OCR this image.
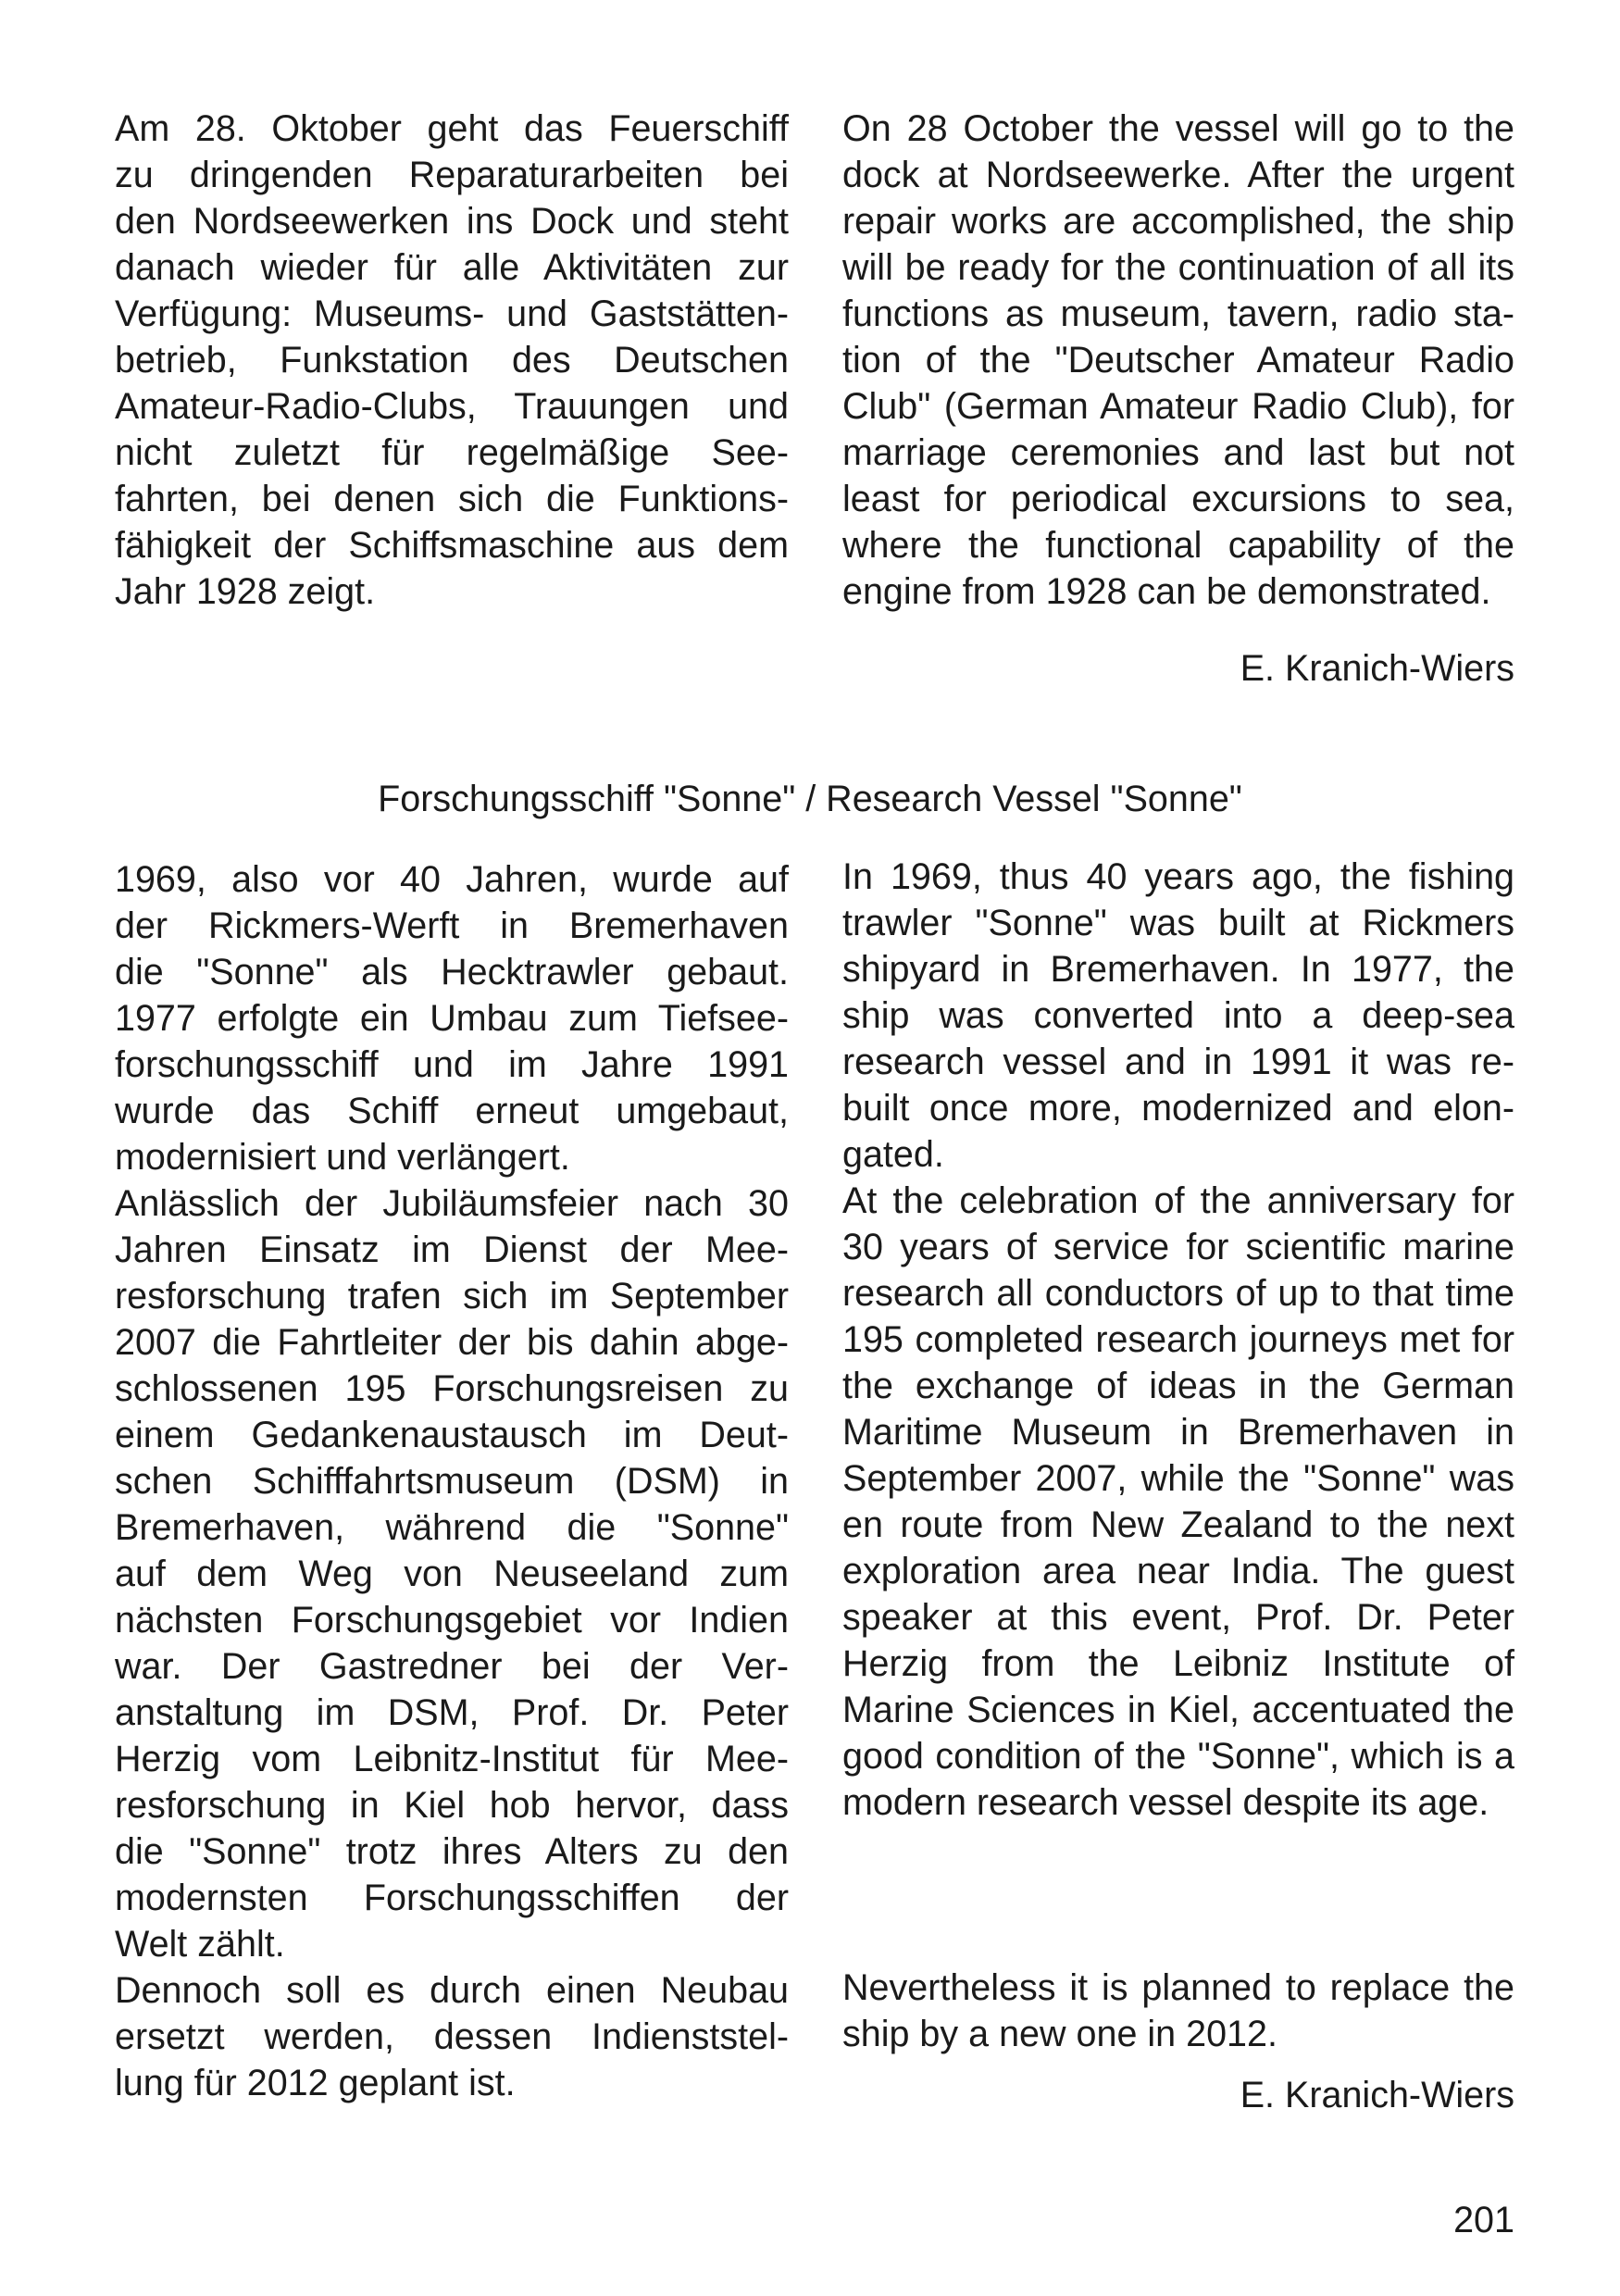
Am 28. Oktober geht das Feuerschiff

zu dringenden Reparaturarbeiten bei

den Nordseewerken ins Dock und steht

danach wieder für alle Aktivitäten zur

Verfügung: Museums- und Gaststätten-

betrieb, Funkstation des Deutschen

Amateur-Radio-Clubs, Trauungen und

nicht zuletzt für regelmäßige See-

fahrten, bei denen sich die Funktions-

fähigkeit der Schiffsmaschine aus dem

Jahr 1928 zeigt.

On 28 October the vessel will go to the

dock at Nordseewerke. After the urgent

repair works are accomplished, the ship

will be ready for the continuation of all its

functions as museum, tavern, radio sta-

tion of the "Deutscher Amateur Radio

Club" (German Amateur Radio Club), for

marriage ceremonies and last but not

least for periodical excursions to sea,

where the functional capability of the

engine from 1928 can be demonstrated.

E. Kranich-Wiers
Forschungsschiff "Sonne" / Research Vessel "Sonne"

1969, also vor 40 Jahren, wurde auf

der Rickmers-Werft in Bremerhaven

die "Sonne" als Hecktrawler gebaut.

1977 erfolgte ein Umbau zum Tiefsee-

forschungsschiff und im Jahre 1991

wurde das Schiff erneut umgebaut,

modernisiert und verlängert.

Anlässlich der Jubiläumsfeier nach 30

Jahren Einsatz im Dienst der Mee-

resforschung trafen sich im September

2007 die Fahrtleiter der bis dahin abge-

schlossenen 195 Forschungsreisen zu

einem Gedankenaustausch im Deut-

schen Schifffahrtsmuseum (DSM) in

Bremerhaven, während die "Sonne"

auf dem Weg von Neuseeland zum

nächsten Forschungsgebiet vor Indien

war. Der Gastredner bei der Ver-

anstaltung im DSM, Prof. Dr. Peter

Herzig vom Leibnitz-Institut für Mee-

resforschung in Kiel hob hervor, dass

die "Sonne" trotz ihres Alters zu den

modernsten Forschungsschiffen der

Welt zählt.

Dennoch soll es durch einen Neubau

ersetzt werden, dessen Indienststel-

lung für 2012 geplant ist.

In 1969, thus 40 years ago, the fishing

trawler "Sonne" was built at Rickmers

shipyard in Bremerhaven. In 1977, the

ship was converted into a deep-sea

research vessel and in 1991 it was re-

built once more, modernized and elon-

gated.

At the celebration of the anniversary for

30 years of service for scientific marine

research all conductors of up to that time

195 completed research journeys met for

the exchange of ideas in the German

Maritime Museum in Bremerhaven in

September 2007, while the "Sonne" was

en route from New Zealand to the next

exploration area near India. The guest

speaker at this event, Prof. Dr. Peter

Herzig from the Leibniz Institute of

Marine Sciences in Kiel, accentuated the

good condition of the "Sonne", which is a

modern research vessel despite its age.

Nevertheless it is planned to replace the

ship by a new one in 2012.

E. Kranich-Wiers
201
